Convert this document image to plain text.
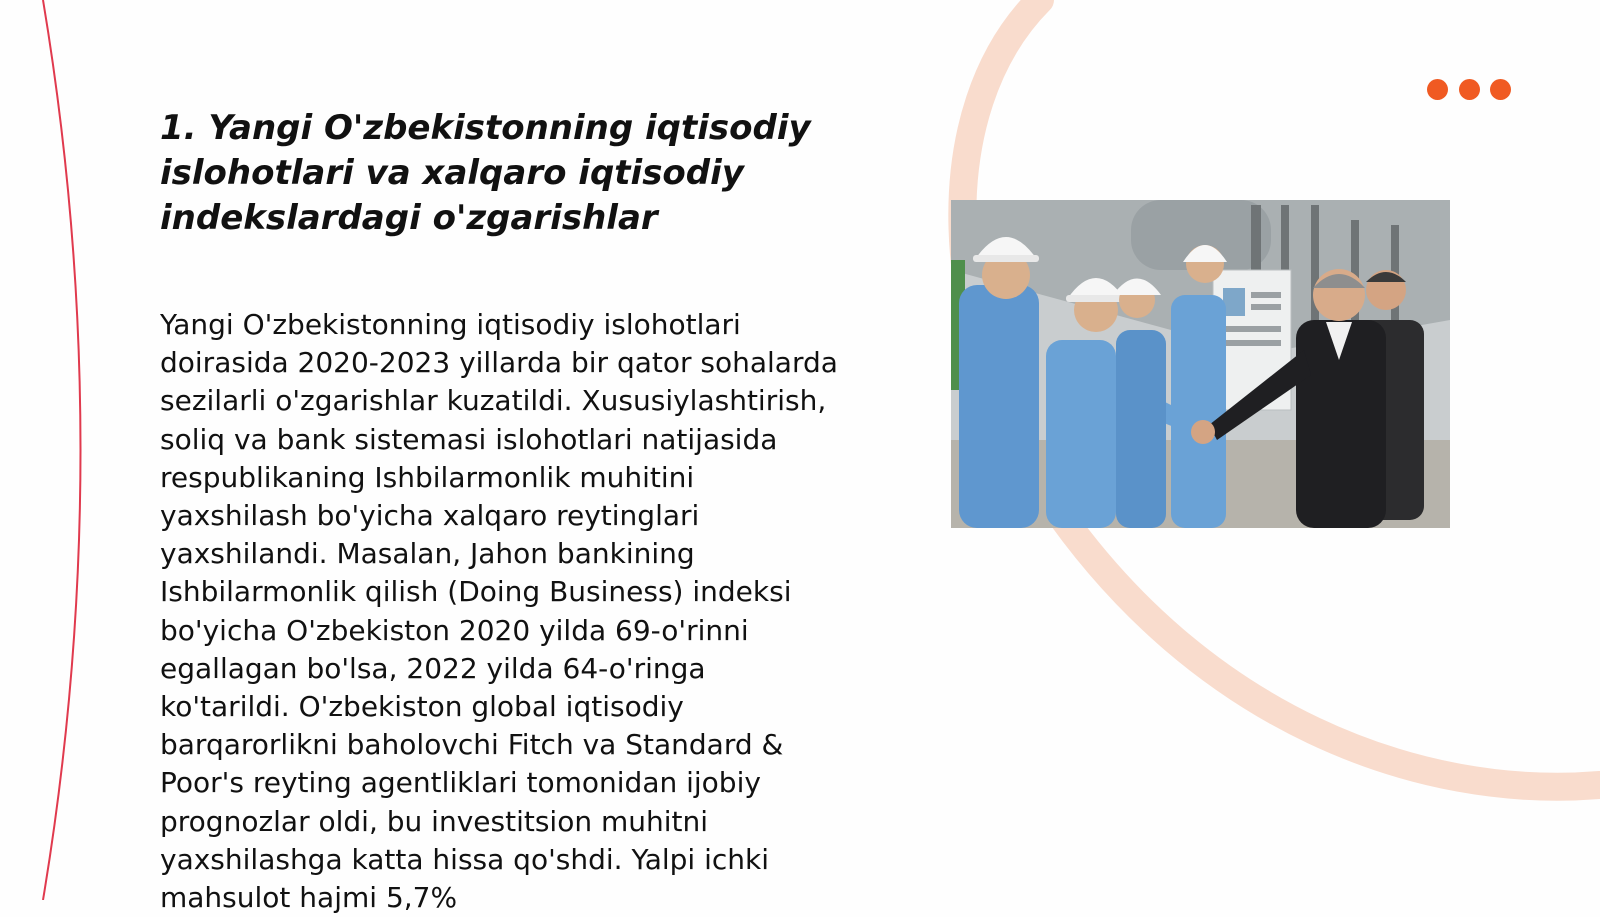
1. Yangi O'zbekistonning iqtisodiy islohotlari va xalqaro iqtisodiy indekslardagi o'zgarishlar

Yangi O'zbekistonning iqtisodiy islohotlari doirasida 2020-2023 yillarda bir qator sohalarda sezilarli o'zgarishlar kuzatildi. Xususiylashtirish, soliq va bank sistemasi islohotlari natijasida respublikaning Ishbilarmonlik muhitini yaxshilash bo'yicha xalqaro reytinglari yaxshilandi. Masalan, Jahon bankining Ishbilarmonlik qilish (Doing Business) indeksi bo'yicha O'zbekiston 2020 yilda 69-o'rinni egallagan bo'lsa, 2022 yilda 64-o'ringa ko'tarildi. O'zbekiston global iqtisodiy barqarorlikni baholovchi Fitch va Standard & Poor's reyting agentliklari tomonidan ijobiy prognozlar oldi, bu investitsion muhitni yaxshilashga katta hissa qo'shdi. Yalpi ichki mahsulot hajmi 5,7%
